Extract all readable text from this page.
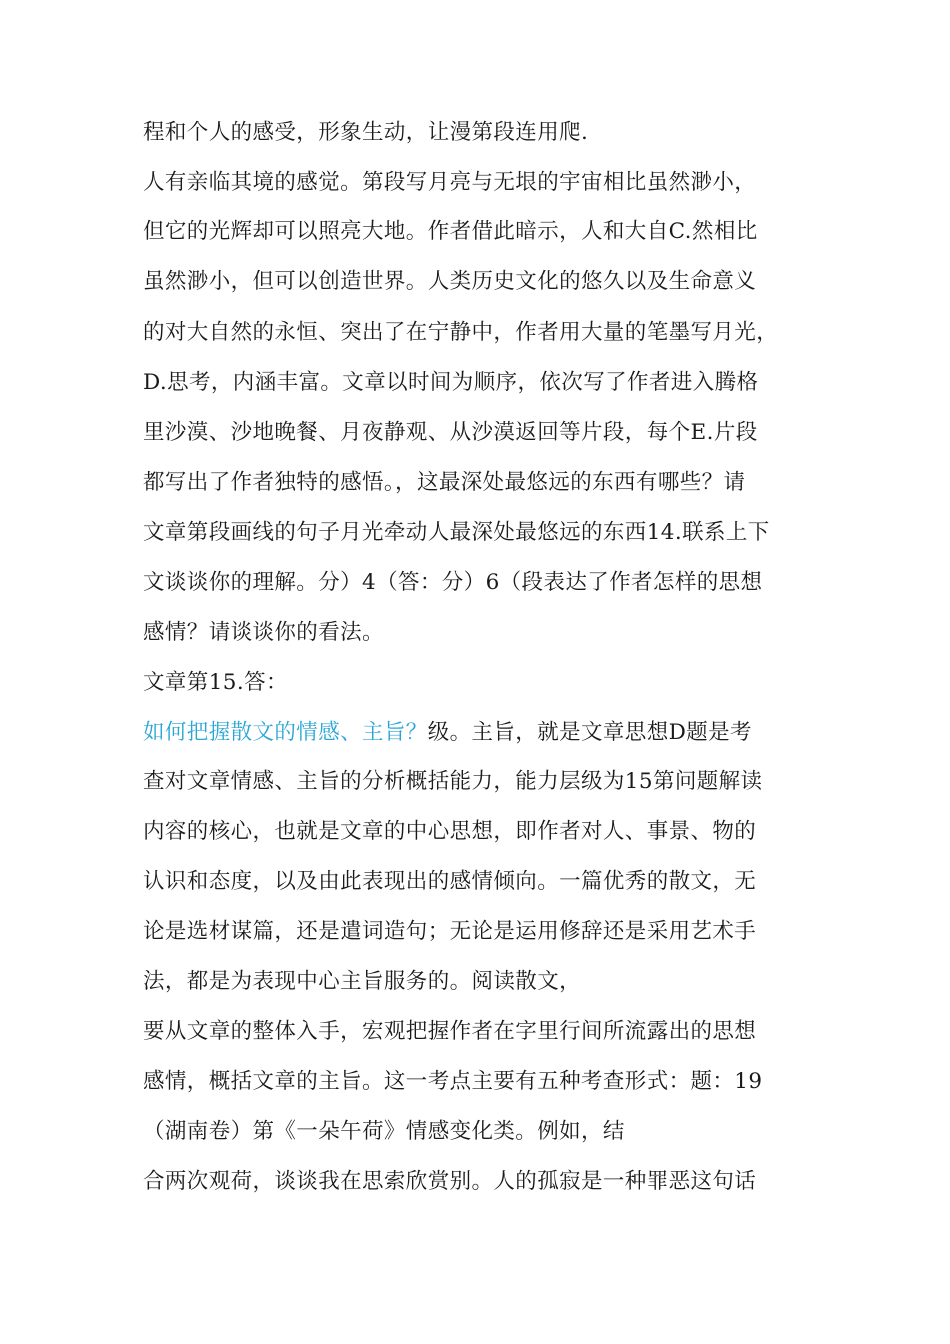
程和个人的感受，形象生动，让漫第段连用爬.
人有亲临其境的感觉。第段写月亮与无垠的宇宙相比虽然渺小，
但它的光辉却可以照亮大地。作者借此暗示，人和大自C.然相比
虽然渺小，但可以创造世界。人类历史文化的悠久以及生命意义
的对大自然的永恒、突出了在宁静中，作者用大量的笔墨写月光，
D.思考，内涵丰富。文章以时间为顺序，依次写了作者进入腾格
里沙漠、沙地晚餐、月夜静观、从沙漠返回等片段，每个E.片段
都写出了作者独特的感悟。，这最深处最悠远的东西有哪些？请
文章第段画线的句子月光牵动人最深处最悠远的东西14.联系上下
文谈谈你的理解。分）4（答：分）6（段表达了作者怎样的思想
感情？请谈谈你的看法。
文章第15.答：
如何把握散文的情感、主旨？级。主旨，就是文章思想D题是考
查对文章情感、主旨的分析概括能力，能力层级为15第问题解读
内容的核心，也就是文章的中心思想，即作者对人、事景、物的
认识和态度，以及由此表现出的感情倾向。一篇优秀的散文，无
论是选材谋篇，还是遣词造句；无论是运用修辞还是采用艺术手
法，都是为表现中心主旨服务的。阅读散文，
要从文章的整体入手，宏观把握作者在字里行间所流露出的思想
感情，概括文章的主旨。这一考点主要有五种考查形式：题：19
（湖南卷）第《一朵午荷》情感变化类。例如，结
合两次观荷，谈谈我在思索欣赏别。人的孤寂是一种罪恶这句话
